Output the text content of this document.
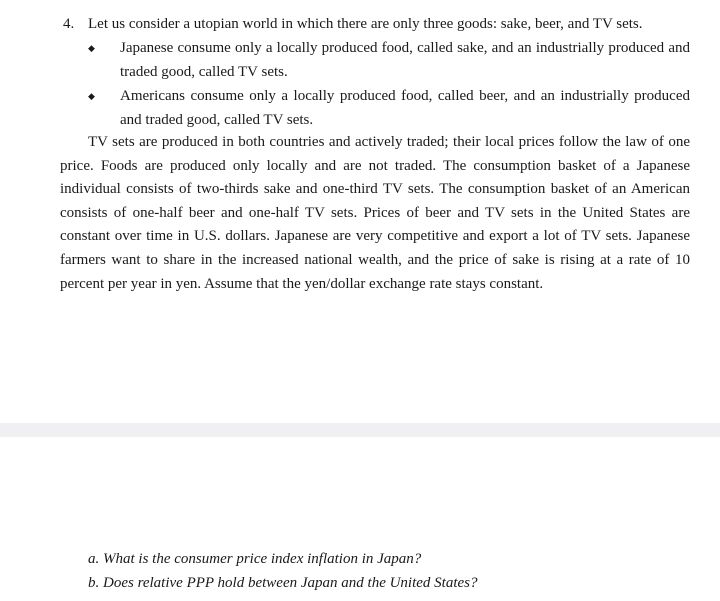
4. Let us consider a utopian world in which there are only three goods: sake, beer, and TV sets.
◆ Japanese consume only a locally produced food, called sake, and an industrially produced and traded good, called TV sets.
◆ Americans consume only a locally produced food, called beer, and an industrially produced and traded good, called TV sets.

TV sets are produced in both countries and actively traded; their local prices follow the law of one price. Foods are produced only locally and are not traded. The consumption basket of a Japanese individual consists of two-thirds sake and one-third TV sets. The consumption basket of an American consists of one-half beer and one-half TV sets. Prices of beer and TV sets in the United States are constant over time in U.S. dollars. Japanese are very competitive and export a lot of TV sets. Japanese farmers want to share in the increased national wealth, and the price of sake is rising at a rate of 10 percent per year in yen. Assume that the yen/dollar exchange rate stays constant.

a. What is the consumer price index inflation in Japan?
b. Does relative PPP hold between Japan and the United States?
